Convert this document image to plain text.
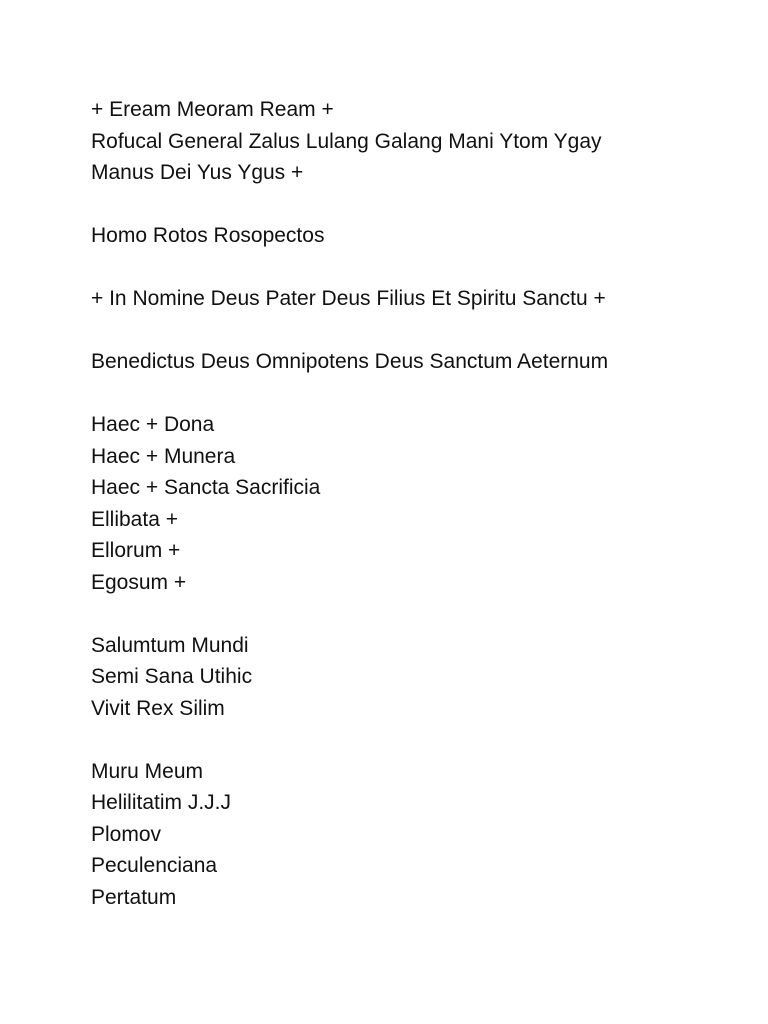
+ Eream Meoram Ream +
Rofucal General Zalus Lulang Galang Mani Ytom Ygay
Manus Dei Yus Ygus +
Homo Rotos Rosopectos
+ In Nomine Deus Pater Deus Filius Et Spiritu Sanctu +
Benedictus Deus Omnipotens Deus Sanctum Aeternum
Haec + Dona
Haec + Munera
Haec + Sancta Sacrificia
Ellibata +
Ellorum +
Egosum +
Salumtum Mundi
Semi Sana Utihic
Vivit Rex Silim
Muru Meum
Helilitatim J.J.J
Plomov
Peculenciana
Pertatum
